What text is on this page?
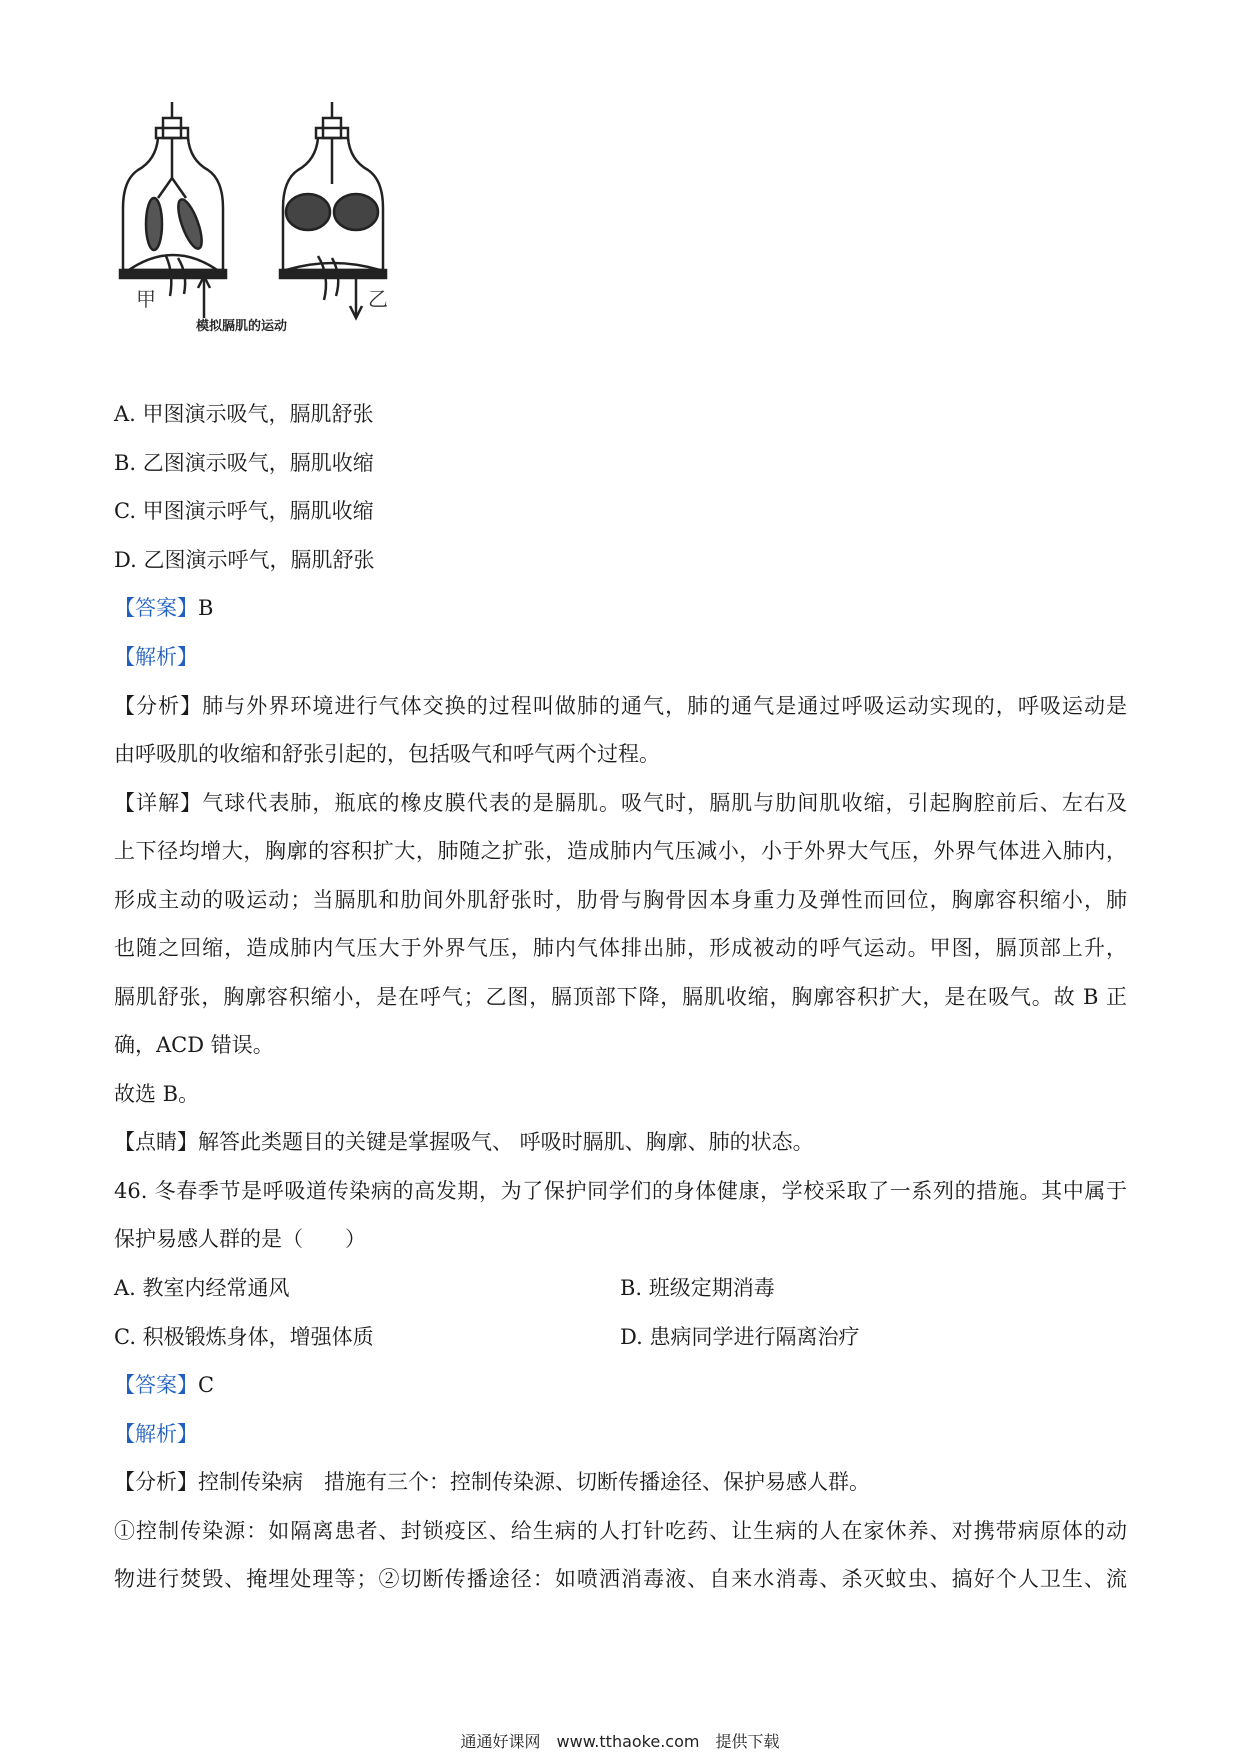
甲	乙
模拟膈肌的运动
A. 甲图演示吸气，膈肌舒张
B. 乙图演示吸气，膈肌收缩
C. 甲图演示呼气，膈肌收缩
D. 乙图演示呼气，膈肌舒张
【答案】B
【解析】
【分析】肺与外界环境进行气体交换的过程叫做肺的通气，肺的通气是通过呼吸运动实现的，呼吸运动是
由呼吸肌的收缩和舒张引起的，包括吸气和呼气两个过程。
【详解】气球代表肺，瓶底的橡皮膜代表的是膈肌。吸气时，膈肌与肋间肌收缩，引起胸腔前后、左右及
上下径均增大，胸廓的容积扩大，肺随之扩张，造成肺内气压减小，小于外界大气压，外界气体进入肺内，
形成主动的吸运动；当膈肌和肋间外肌舒张时，肋骨与胸骨因本身重力及弹性而回位，胸廓容积缩小，肺
也随之回缩，造成肺内气压大于外界气压，肺内气体排出肺，形成被动的呼气运动。甲图，膈顶部上升，
膈肌舒张，胸廓容积缩小，是在呼气；乙图，膈顶部下降，膈肌收缩，胸廓容积扩大，是在吸气。故 B 正
确，ACD 错误。
故选 B。
【点睛】解答此类题目的关键是掌握吸气、 呼吸时膈肌、胸廓、肺的状态。
46. 冬春季节是呼吸道传染病的高发期，为了保护同学们的身体健康，学校采取了一系列的措施。其中属于
保护易感人群的是（　　）
A. 教室内经常通风	B. 班级定期消毒
C. 积极锻炼身体，增强体质	D. 患病同学进行隔离治疗
【答案】C
【解析】
【分析】控制传染病　措施有三个：控制传染源、切断传播途径、保护易感人群。
①控制传染源：如隔离患者、封锁疫区、给生病的人打针吃药、让生病的人在家休养、对携带病原体的动
物进行焚毁、掩埋处理等；②切断传播途径：如喷洒消毒液、自来水消毒、杀灭蚊虫、搞好个人卫生、流
通通好课网　www.tthaoke.com　提供下载
